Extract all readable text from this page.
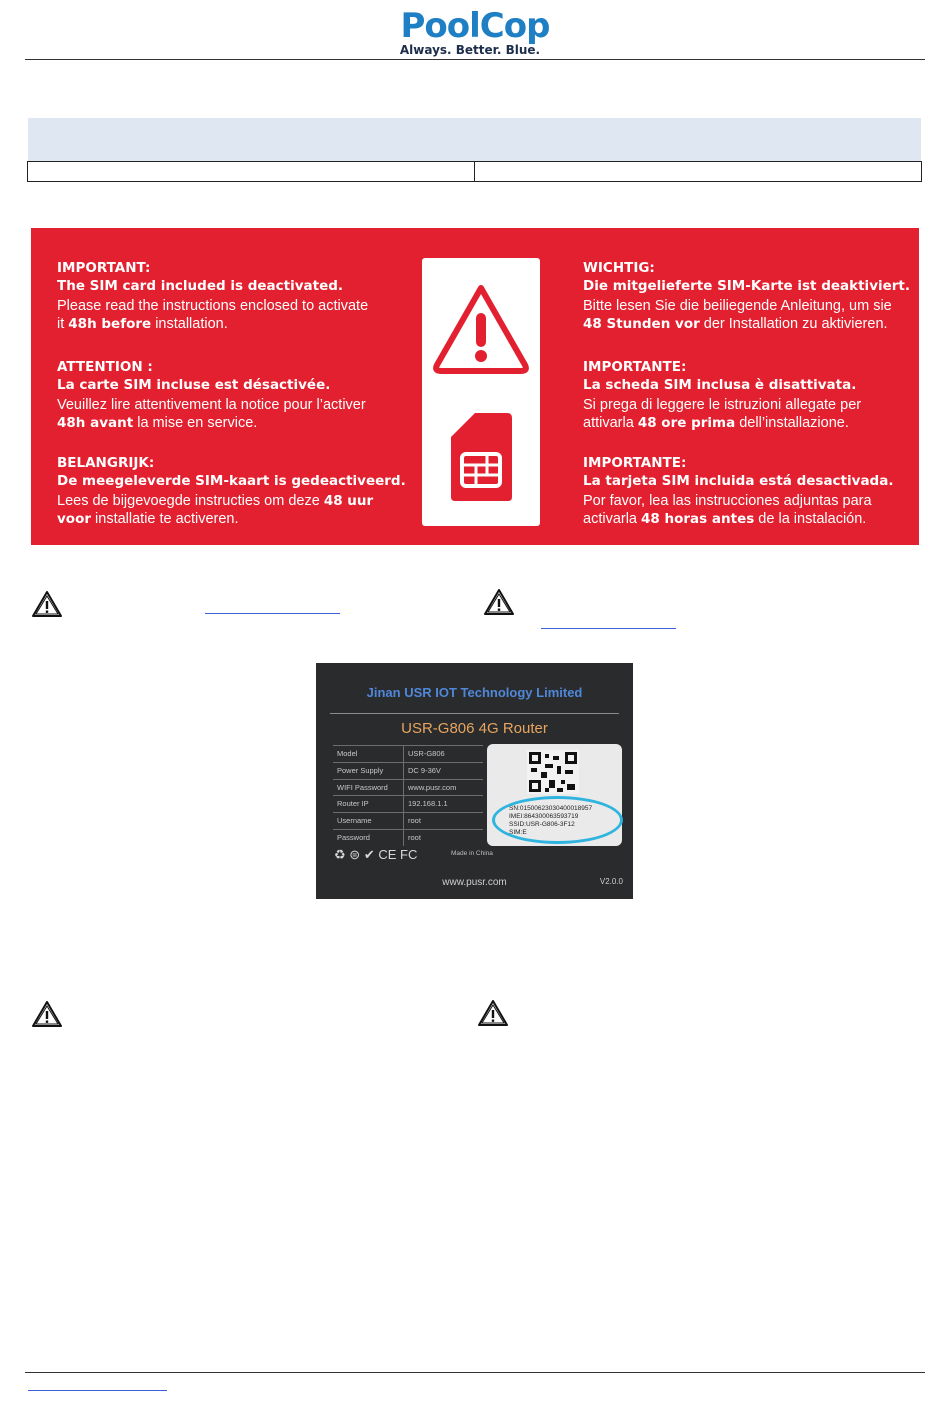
PoolCop
Always. Better. Blue.
IMPORTANT:
The SIM card included is deactivated.
Please read the instructions enclosed to activate
it 48h before installation.
ATTENTION :
La carte SIM incluse est désactivée.
Veuillez lire attentivement la notice pour l’activer
48h avant la mise en service.
BELANGRIJK:
De meegeleverde SIM-kaart is gedeactiveerd.
Lees de bijgevoegde instructies om deze 48 uur
voor installatie te activeren.
WICHTIG:
Die mitgelieferte SIM-Karte ist deaktiviert.
Bitte lesen Sie die beiliegende Anleitung, um sie
48 Stunden vor der Installation zu aktivieren.
IMPORTANTE:
La scheda SIM inclusa è disattivata.
Si prega di leggere le istruzioni allegate per
attivarla 48 ore prima dell’installazione.
IMPORTANTE:
La tarjeta SIM incluida está desactivada.
Por favor, lea las instrucciones adjuntas para
activarla 48 horas antes de la instalación.
Jinan USR IOT Technology Limited
USR-G806 4G Router
Model	USR-G806
Power Supply	DC 9-36V
WIFI Password	www.pusr.com
Router IP	192.168.1.1
Username	root
Password	root
SN:01500623030400018957
IMEI:864300063593719
SSID:USR-G806-3F12
SIM:E
♻ ⊜ ✔ CE FC	Made in China
www.pusr.com	V2.0.0
